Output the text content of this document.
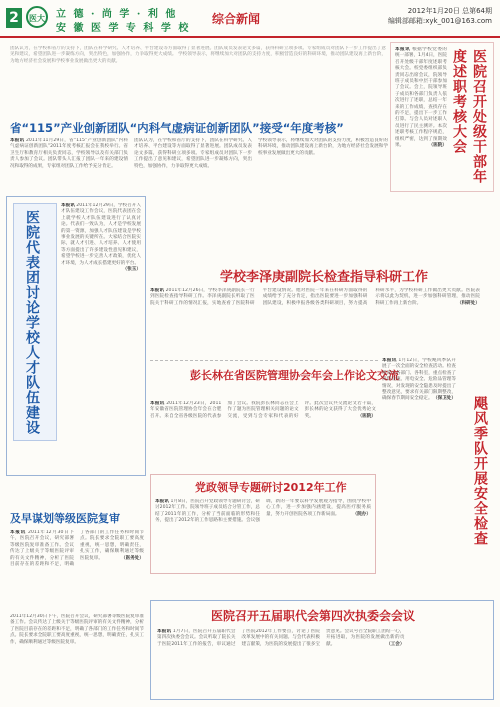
2	医大	立 德 · 尚 学 · 利 他
安 徽 医 学 专 科 学 校
综合新闻
2012年1月20日 总第64期
编辑部邮箱:xyk_001@163.com
省“115”产业创新团队“内科气虚病证创新团队”接受“年度考核”
本报讯 2011年11月29日，省“115”产业创新团队“内科气虚病证创新团队”2011年度考核汇报会在我校举行。省卫生厅和教育厅相关负责同志，学校领导以及有关部门负责人参加了会议。团队带头人汇报了团队一年来的建设情况和取得的成果，专家组对团队工作给予充分肯定。
团队认为，在学校和省厅的支持下，团队在科学研究、人才培养、平台建设等方面取得了显著进展。团队成员发表论文多篇，获得科研立项多项。专家组成员对团队下一步工作提出了意见和建议，希望团队进一步凝练方向，突出特色，加强协作，力争取得更大成绩。
学校领导表示，将继续加大对团队的支持力度，积极营造良好的科研环境，推动团队建设再上新台阶，为地方经济社会发展和学校事业发展做出更大的贡献。
团队认为，在学校和省厅的支持下，团队在科学研究、人才培养、平台建设等方面取得了显著进展。团队成员发表论文多篇，获得科研立项多项。专家组成员对团队下一步工作提出了意见和建议，希望团队进一步凝练方向，突出特色，加强协作，力争取得更大成绩。 学校领导表示，将继续加大对团队的支持力度，积极营造良好的科研环境，推动团队建设再上新台阶，为地方经济社会发展和学校事业发展做出更大的贡献。
本报讯 根据学校党委的统一部署，1月4日，医院召开处级干部年度述职考核大会。校党委组织部负责同志出席会议，院领导班子成员和中层干部参加了会议。会上，院领导班子成员和各部门负责人依次进行了述职，总结一年来的工作成绩，查找存在的不足，提出下一步工作打算。与会人员对述职人员进行了民主测评。本次述职考核工作程序规范，组织严密，达到了预期效果。	（医院）	医院召开处级干部年度述职考核大会
医院代表团讨论学校人才队伍建设
本报讯 2011年12月29日，学校召开人才队伍建设工作会议，医院代表团在会上就学校人才队伍建设进行了认真讨论。代表们一致认为，人才是学校发展的第一资源，加强人才队伍建设是学校事业发展的关键所在。大家结合医院实际，就人才引进、人才培养、人才使用等方面提出了许多建设性意见和建议，希望学校进一步完善人才政策，优化人才环境，为人才成长搭建更好的平台。
（张玉）
学校李泽庚副院长检查指导科研工作
本报讯 2011年12月26日，学校李泽庚副院长一行到医院检查指导科研工作。李泽庚副院长听取了医院关于科研工作的情况汇报，实地查看了医院科研平台建设情况。他对医院一年来在科研方面取得的成绩给予了充分肯定，指出医院要进一步加强科研团队建设，积极申报各级各类科研项目，努力提高科研水平，为学校科研工作做出更大贡献。医院表示将以此为契机，进一步加强科研管理，推动医院科研工作再上新台阶。	（科研处）
彭长林在省医院管理协会年会上作论文交流
本报讯 2011年12月23日，2011年安徽省医院管理协会年会在合肥召开。来自全省各级医院的代表参加了会议。我院彭长林同志在会上作了题为医院管理相关问题的论文交流，受到与会专家和代表的好评。此次会议共交流论文若干篇，彭长林的论文获得了大会优秀论文奖。	（医院）
本报讯 1月12日，学校飓风季队开展了一次全面的安全检查活动。检查组深入各部门、各科室，重点检查了消防设施、用电安全、危险品管理等情况，对发现的安全隐患及时提出了整改意见，要求有关部门限期整改，确保春节期间安全稳定。 （保卫处） 飓风季队开展安全检查
党政领导专题研讨2012年工作
本报讯 1月8日，医院召开党政领导专题研讨会，研讨2012年工作。院领导班子成员结合分管工作，总结了2011年的工作，分析了当前面临的形势和任务，提出了2012年的工作思路和主要措施。会议强调，新的一年要以科学发展观为指导，围绕学校中心工作，进一步加强内涵建设，提高医疗服务质量，努力开创医院各项工作新局面。	（院办）
及早谋划等级医院复审
本报讯 2011年12月30日下午，医院召开会议，研究部署等级医院复审准备工作。会议传达了上级关于等级医院评审的有关文件精神，分析了医院目前存在的差距和不足，明确了各部门的工作任务和时间节点。院长要求全院职工要高度重视，统一思想，明确责任，扎实工作，确保顺利通过等级医院复审。	（医务处）
医院召开五届职代会第四次执委会会议
本报讯 1月7日，医院召开五届职代会第四次执委会会议。会议听取了院长关于医院2011年工作的报告，审议通过了医院2012年工作要点，讨论了医院改革发展中的有关问题。与会代表积极建言献策，为医院的发展提出了很多宝贵意见。会议号召全院职工团结一心，开拓进取，为医院的发展做出新的贡献。	（工会）
2011年12月30日下午，医院召开会议，研究部署等级医院复审准备工作。会议传达了上级关于等级医院评审的有关文件精神，分析了医院目前存在的差距和不足，明确了各部门的工作任务和时间节点。院长要求全院职工要高度重视，统一思想，明确责任，扎实工作，确保顺利通过等级医院复审。
